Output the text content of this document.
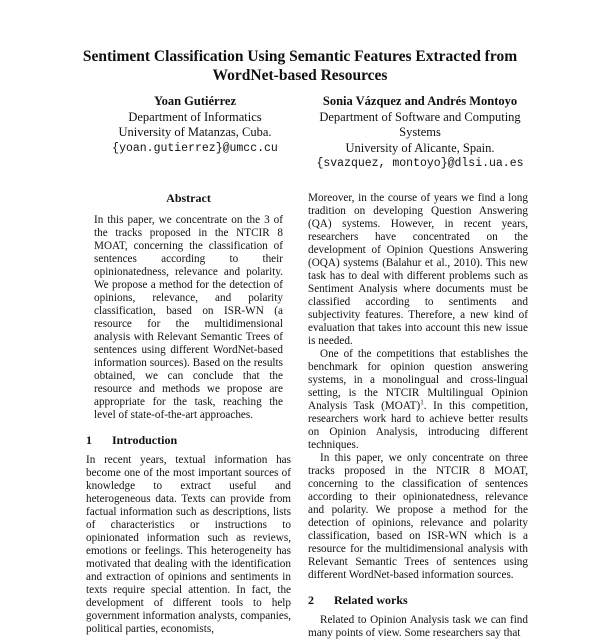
Sentiment Classification Using Semantic Features Extracted from WordNet-based Resources
Yoan Gutiérrez
Department of Informatics
University of Matanzas, Cuba.
{yoan.gutierrez}@umcc.cu
Sonia Vázquez and Andrés Montoyo
Department of Software and Computing Systems
University of Alicante, Spain.
{svazquez, montoyo}@dlsi.ua.es
Abstract

In this paper, we concentrate on the 3 of the tracks proposed in the NTCIR 8 MOAT, concerning the classification of sentences according to their opinionatedness, relevance and polarity. We propose a method for the detection of opinions, relevance, and polarity classification, based on ISR-WN (a resource for the multidimensional analysis with Relevant Semantic Trees of sentences using different WordNet-based information sources). Based on the results obtained, we can conclude that the resource and methods we propose are appropriate for the task, reaching the level of state-of-the-art approaches.

1 Introduction

In recent years, textual information has become one of the most important sources of knowledge to extract useful and heterogeneous data. Texts can provide from factual information such as descriptions, lists of characteristics or instructions to opinionated information such as reviews, emotions or feelings. This heterogeneity has motivated that dealing with the identification and extraction of opinions and sentiments in texts require special attention. In fact, the development of different tools to help government information analysts, companies, political parties, economists,

Moreover, in the course of years we find a long tradition on developing Question Answering (QA) systems. However, in recent years, researchers have concentrated on the development of Opinion Questions Answering (OQA) systems (Balahur et al., 2010). This new task has to deal with different problems such as Sentiment Analysis where documents must be classified according to sentiments and subjectivity features. Therefore, a new kind of evaluation that takes into account this new issue is needed.

One of the competitions that establishes the benchmark for opinion question answering systems, in a monolingual and cross-lingual setting, is the NTCIR Multilingual Opinion Analysis Task (MOAT)$^1$. In this competition, researchers work hard to achieve better results on Opinion Analysis, introducing different techniques.

In this paper, we only concentrate on three tracks proposed in the NTCIR 8 MOAT, concerning to the classification of sentences according to their opinionatedness, relevance and polarity. We propose a method for the detection of opinions, relevance and polarity classification, based on ISR-WN which is a resource for the multidimensional analysis with Relevant Semantic Trees of sentences using different WordNet-based information sources.

2 Related works

Related to Opinion Analysis task we can find many points of view. Some researchers say that
